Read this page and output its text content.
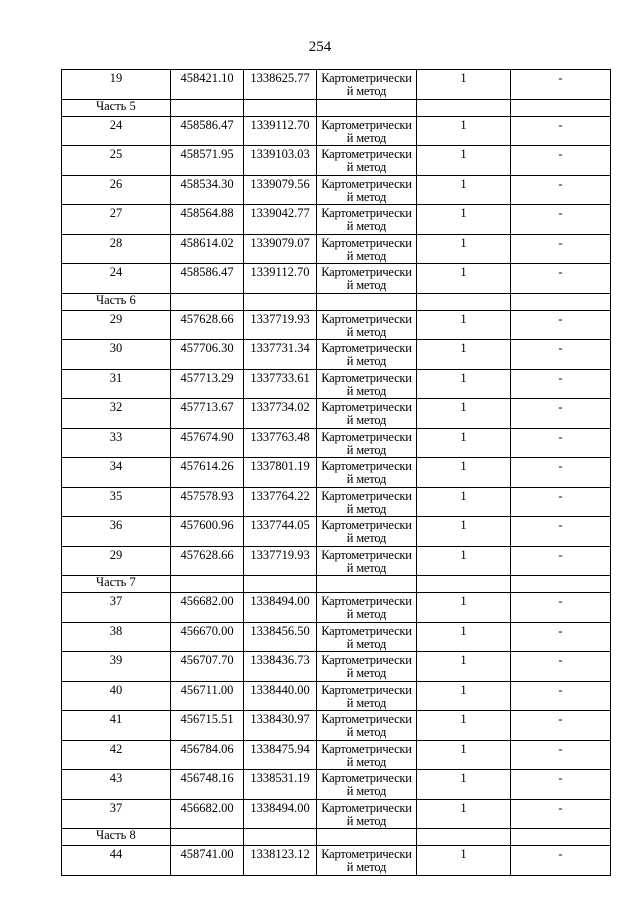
254
19	458421.10	1338625.77	Картометрически й метод	1	-
Часть 5					
24	458586.47	1339112.70	Картометрически й метод	1	-
25	458571.95	1339103.03	Картометрически й метод	1	-
26	458534.30	1339079.56	Картометрически й метод	1	-
27	458564.88	1339042.77	Картометрически й метод	1	-
28	458614.02	1339079.07	Картометрически й метод	1	-
24	458586.47	1339112.70	Картометрически й метод	1	-
Часть 6					
29	457628.66	1337719.93	Картометрически й метод	1	-
30	457706.30	1337731.34	Картометрически й метод	1	-
31	457713.29	1337733.61	Картометрически й метод	1	-
32	457713.67	1337734.02	Картометрически й метод	1	-
33	457674.90	1337763.48	Картометрически й метод	1	-
34	457614.26	1337801.19	Картометрически й метод	1	-
35	457578.93	1337764.22	Картометрически й метод	1	-
36	457600.96	1337744.05	Картометрически й метод	1	-
29	457628.66	1337719.93	Картометрически й метод	1	-
Часть 7					
37	456682.00	1338494.00	Картометрически й метод	1	-
38	456670.00	1338456.50	Картометрически й метод	1	-
39	456707.70	1338436.73	Картометрически й метод	1	-
40	456711.00	1338440.00	Картометрически й метод	1	-
41	456715.51	1338430.97	Картометрически й метод	1	-
42	456784.06	1338475.94	Картометрически й метод	1	-
43	456748.16	1338531.19	Картометрически й метод	1	-
37	456682.00	1338494.00	Картометрически й метод	1	-
Часть 8					
44	458741.00	1338123.12	Картометрически й метод	1	-
